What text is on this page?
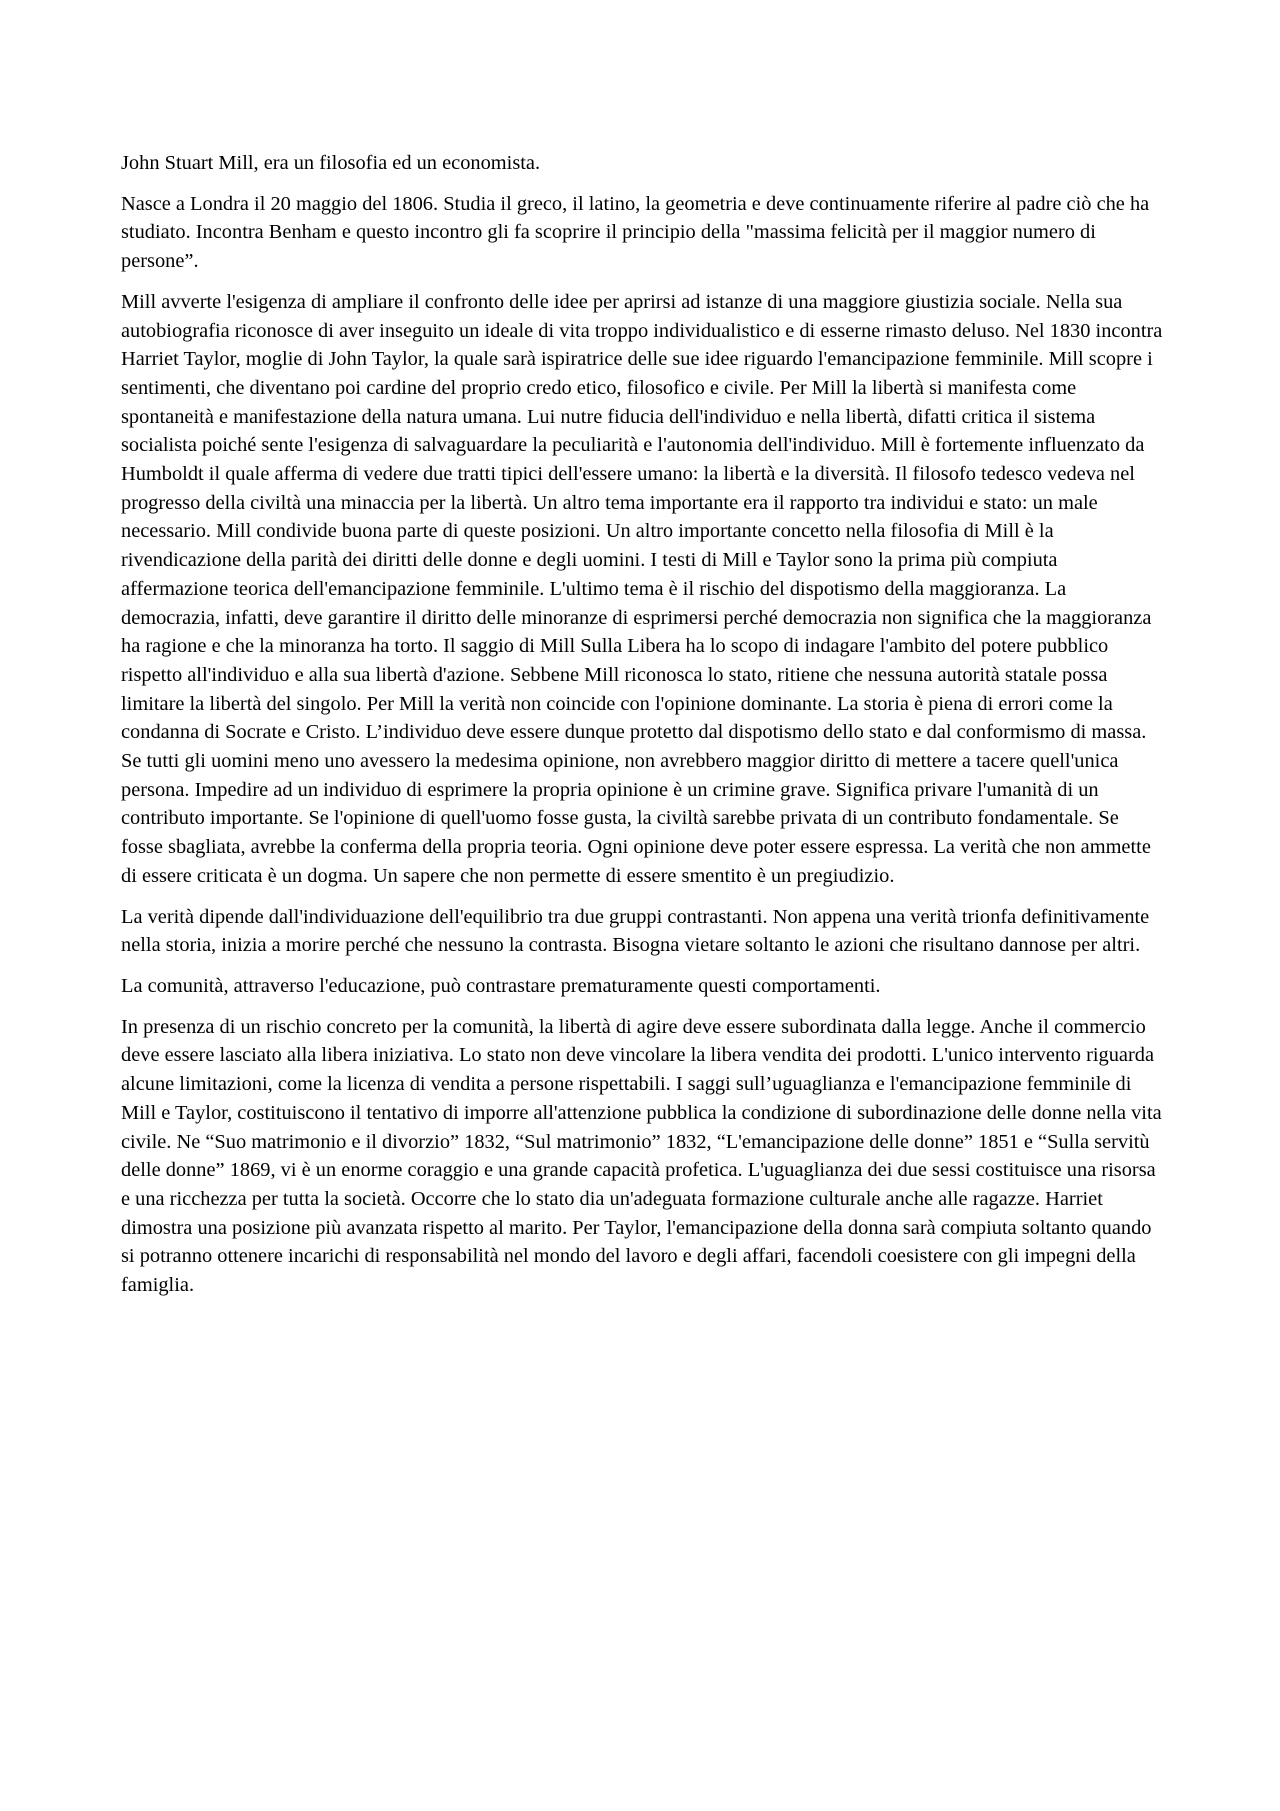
John Stuart Mill, era un filosofia ed un economista.

Nasce a Londra il 20 maggio del 1806. Studia il greco, il latino, la geometria e deve continuamente riferire al padre ciò che ha studiato. Incontra Benham e questo incontro gli fa scoprire il principio della "massima felicità per il maggior numero di persone”.

Mill avverte l'esigenza di ampliare il confronto delle idee per aprirsi ad istanze di una maggiore giustizia sociale. Nella sua autobiografia riconosce di aver inseguito un ideale di vita troppo individualistico e di esserne rimasto deluso. Nel 1830 incontra Harriet Taylor, moglie di John Taylor, la quale sarà ispiratrice delle sue idee riguardo l'emancipazione femminile. Mill scopre i sentimenti, che diventano poi cardine del proprio credo etico, filosofico e civile. Per Mill la libertà si manifesta come spontaneità e manifestazione della natura umana. Lui nutre fiducia dell'individuo e nella libertà, difatti critica il sistema socialista poiché sente l'esigenza di salvaguardare la peculiarità e l'autonomia dell'individuo. Mill è fortemente influenzato da Humboldt il quale afferma di vedere due tratti tipici dell'essere umano: la libertà e la diversità. Il filosofo tedesco vedeva nel progresso della civiltà una minaccia per la libertà. Un altro tema importante era il rapporto tra individui e stato: un male necessario. Mill condivide buona parte di queste posizioni. Un altro importante concetto nella filosofia di Mill è la rivendicazione della parità dei diritti delle donne e degli uomini. I testi di Mill e Taylor sono la prima più compiuta affermazione teorica dell'emancipazione femminile. L'ultimo tema è il rischio del dispotismo della maggioranza. La democrazia, infatti, deve garantire il diritto delle minoranze di esprimersi perché democrazia non significa che la maggioranza ha ragione e che la minoranza ha torto. Il saggio di Mill Sulla Libera ha lo scopo di indagare l'ambito del potere pubblico rispetto all'individuo e alla sua libertà d'azione. Sebbene Mill riconosca lo stato, ritiene che nessuna autorità statale possa limitare la libertà del singolo. Per Mill la verità non coincide con l'opinione dominante. La storia è piena di errori come la condanna di Socrate e Cristo. L’individuo deve essere dunque protetto dal dispotismo dello stato e dal conformismo di massa. Se tutti gli uomini meno uno avessero la medesima opinione, non avrebbero maggior diritto di mettere a tacere quell'unica persona. Impedire ad un individuo di esprimere la propria opinione è un crimine grave. Significa privare l'umanità di un contributo importante. Se l'opinione di quell'uomo fosse gusta, la civiltà sarebbe privata di un contributo fondamentale. Se fosse sbagliata, avrebbe la conferma della propria teoria. Ogni opinione deve poter essere espressa. La verità che non ammette di essere criticata è un dogma. Un sapere che non permette di essere smentito è un pregiudizio.

La verità dipende dall'individuazione dell'equilibrio tra due gruppi contrastanti. Non appena una verità trionfa definitivamente nella storia, inizia a morire perché che nessuno la contrasta. Bisogna vietare soltanto le azioni che risultano dannose per altri.

La comunità, attraverso l'educazione, può contrastare prematuramente questi comportamenti.

In presenza di un rischio concreto per la comunità, la libertà di agire deve essere subordinata dalla legge. Anche il commercio deve essere lasciato alla libera iniziativa. Lo stato non deve vincolare la libera vendita dei prodotti. L'unico intervento riguarda alcune limitazioni, come la licenza di vendita a persone rispettabili. I saggi sull’uguaglianza e l'emancipazione femminile di Mill e Taylor, costituiscono il tentativo di imporre all'attenzione pubblica la condizione di subordinazione delle donne nella vita civile. Ne “Suo matrimonio e il divorzio” 1832, “Sul matrimonio” 1832, “L'emancipazione delle donne” 1851 e “Sulla servitù delle donne” 1869, vi è un enorme coraggio e una grande capacità profetica. L'uguaglianza dei due sessi costituisce una risorsa e una ricchezza per tutta la società. Occorre che lo stato dia un'adeguata formazione culturale anche alle ragazze. Harriet dimostra una posizione più avanzata rispetto al marito. Per Taylor, l'emancipazione della donna sarà compiuta soltanto quando si potranno ottenere incarichi di responsabilità nel mondo del lavoro e degli affari, facendoli coesistere con gli impegni della famiglia.
